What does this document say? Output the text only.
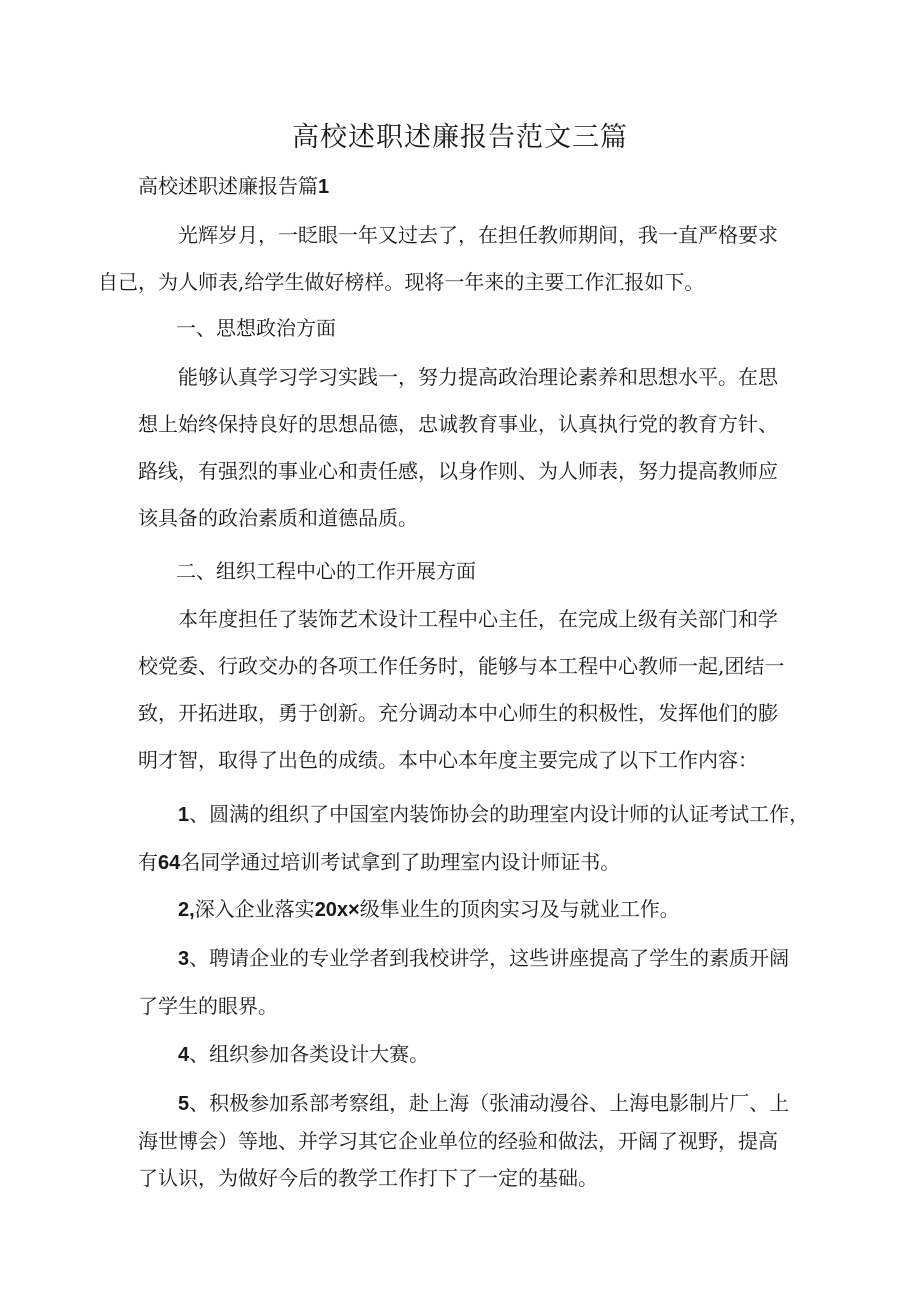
高校述职述廉报告范文三篇

高校述职述廉报告篇1

光辉岁月，一眨眼一年又过去了，在担任教师期间，我一直严格要求
自己，为人师表,给学生做好榜样。现将一年来的主要工作汇报如下。

一、思想政治方面

能够认真学习学习实践一，努力提高政治理论素养和思想水平。在思
想上始终保持良好的思想品德，忠诚教育事业，认真执行党的教育方针、
路线，有强烈的事业心和责任感，以身作则、为人师表，努力提高教师应
该具备的政治素质和道德品质。

二、组织工程中心的工作开展方面

本年度担任了装饰艺术设计工程中心主任，在完成上级有关部门和学
校党委、行政交办的各项工作任务时，能够与本工程中心教师一起,团结一
致，开拓进取，勇于创新。充分调动本中心师生的积极性，发挥他们的膨
明才智，取得了出色的成绩。本中心本年度主要完成了以下工作内容：

1、圆满的组织了中国室内装饰协会的助理室内设计师的认证考试工作，
有64名同学通过培训考试拿到了助理室内设计师证书。

2,深入企业落实20x×级隼业生的顶肉实习及与就业工作。

3、聘请企业的专业学者到我校讲学，这些讲座提高了学生的素质开阔
了学生的眼界。

4、组织参加各类设计大赛。

5、积极参加系部考察组，赴上海（张浦动漫谷、上海电影制片厂、上
海世博会）等地、并学习其它企业单位的经验和做法，开阔了视野，提高
了认识，为做好今后的教学工作打下了一定的基础。
